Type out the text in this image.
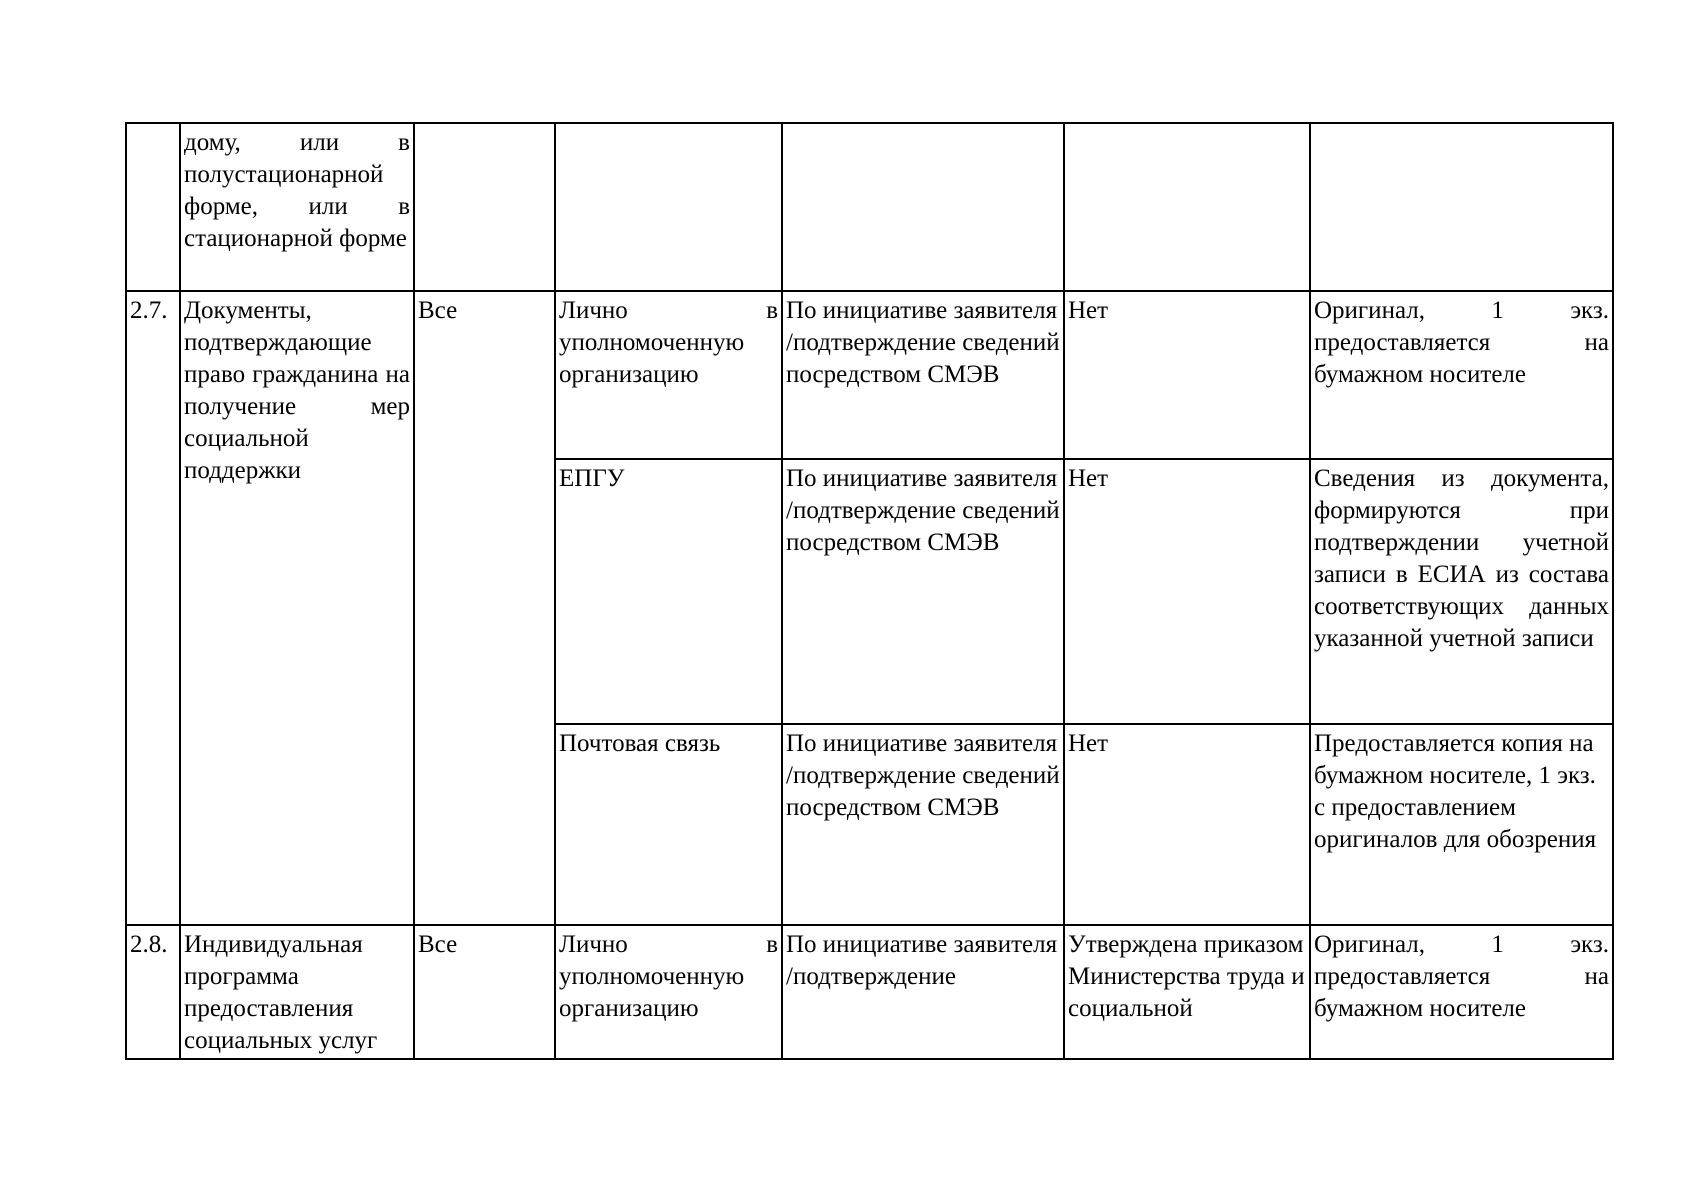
	дому, или в полустационарной форме, или в стационарной форме					

2.7.	Документы, подтверждающие право гражданина на получение мер социальной поддержки	Все	Лично в уполномоченную организацию	По инициативе заявителя /подтверждение сведений посредством СМЭВ	Нет	Оригинал, 1 экз. предоставляется на бумажном носителе

			ЕПГУ	По инициативе заявителя /подтверждение сведений посредством СМЭВ	Нет	Сведения из документа, формируются при подтверждении учетной записи в ЕСИА из состава соответствующих данных указанной учетной записи

			Почтовая связь	По инициативе заявителя /подтверждение сведений посредством СМЭВ	Нет	Предоставляется копия на бумажном носителе, 1 экз. с предоставлением оригиналов для обозрения

2.8.	Индивидуальная программа предоставления социальных услуг	Все	Лично в уполномоченную организацию	По инициативе заявителя /подтверждение	Утверждена приказом Министерства труда и социальной	Оригинал, 1 экз. предоставляется на бумажном носителе
